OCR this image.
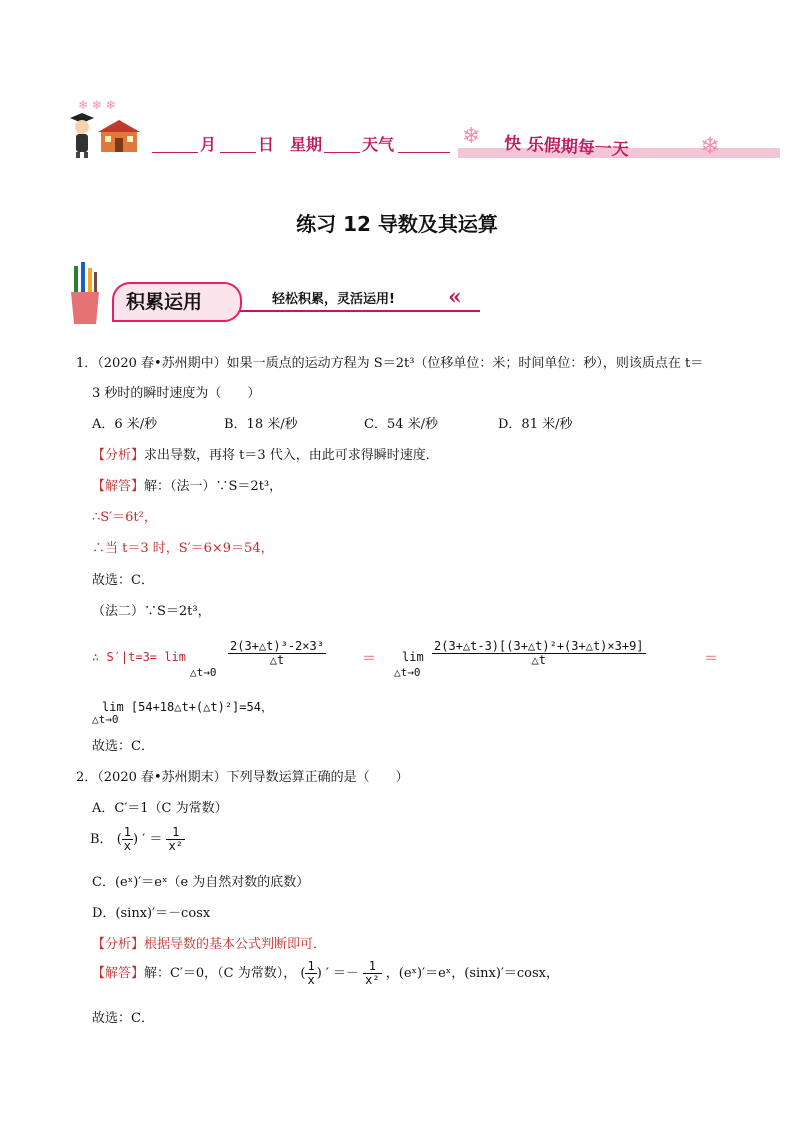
❄ ❄ ❄
月	日 星期 天气	❄ 快 乐假期每一天	❄
练习 12 导数及其运算
积累运用	轻松积累，灵活运用! «
1．（2020 春•苏州期中）如果一质点的运动方程为 S＝2t³（位移单位：米；时间单位：秒），则该质点在 t＝
3 秒时的瞬时速度为（　　）
A．6 米/秒	B．18 米/秒	C．54 米/秒	D．81 米/秒
【分析】求出导数，再将 t＝3 代入，由此可求得瞬时速度．
【解答】解：（法一）∵S＝2t³，
∴S′＝6t²，
∴当 t＝3 时，S′＝6×9＝54，
故选：C．
（法二）∵S＝2t³，
∴ S′|t=3= lim
△t→0
$\frac{\text{2(3+△t)³-2×3³}}{\triangle t}$	＝ lim
△t→0
$\frac{\text{2(3+△t-3)[(3+△t)²+(3+△t)×3+9]}}{\triangle t}$	＝
lim [54+18△t+(△t)²]=54，
△t→0
故选：C．
2．（2020 春•苏州期末）下列导数运算正确的是（　　）
A．C′＝1（C 为常数）
B． ( $\frac{1}{x}$ ) ′ ＝ $\frac{1}{\text{x²}}$
C．(eˣ)′＝eˣ（e 为自然对数的底数）
D．(sinx)′＝－cosx
【分析】根据导数的基本公式判断即可．
【解答】解：C′＝0，（C 为常数）， ( $\frac{1}{x}$ ) ′ ＝－ $\frac{1}{\text{x²}}$ ，(eˣ)′＝eˣ，(sinx)′＝cosx，
故选：C．
